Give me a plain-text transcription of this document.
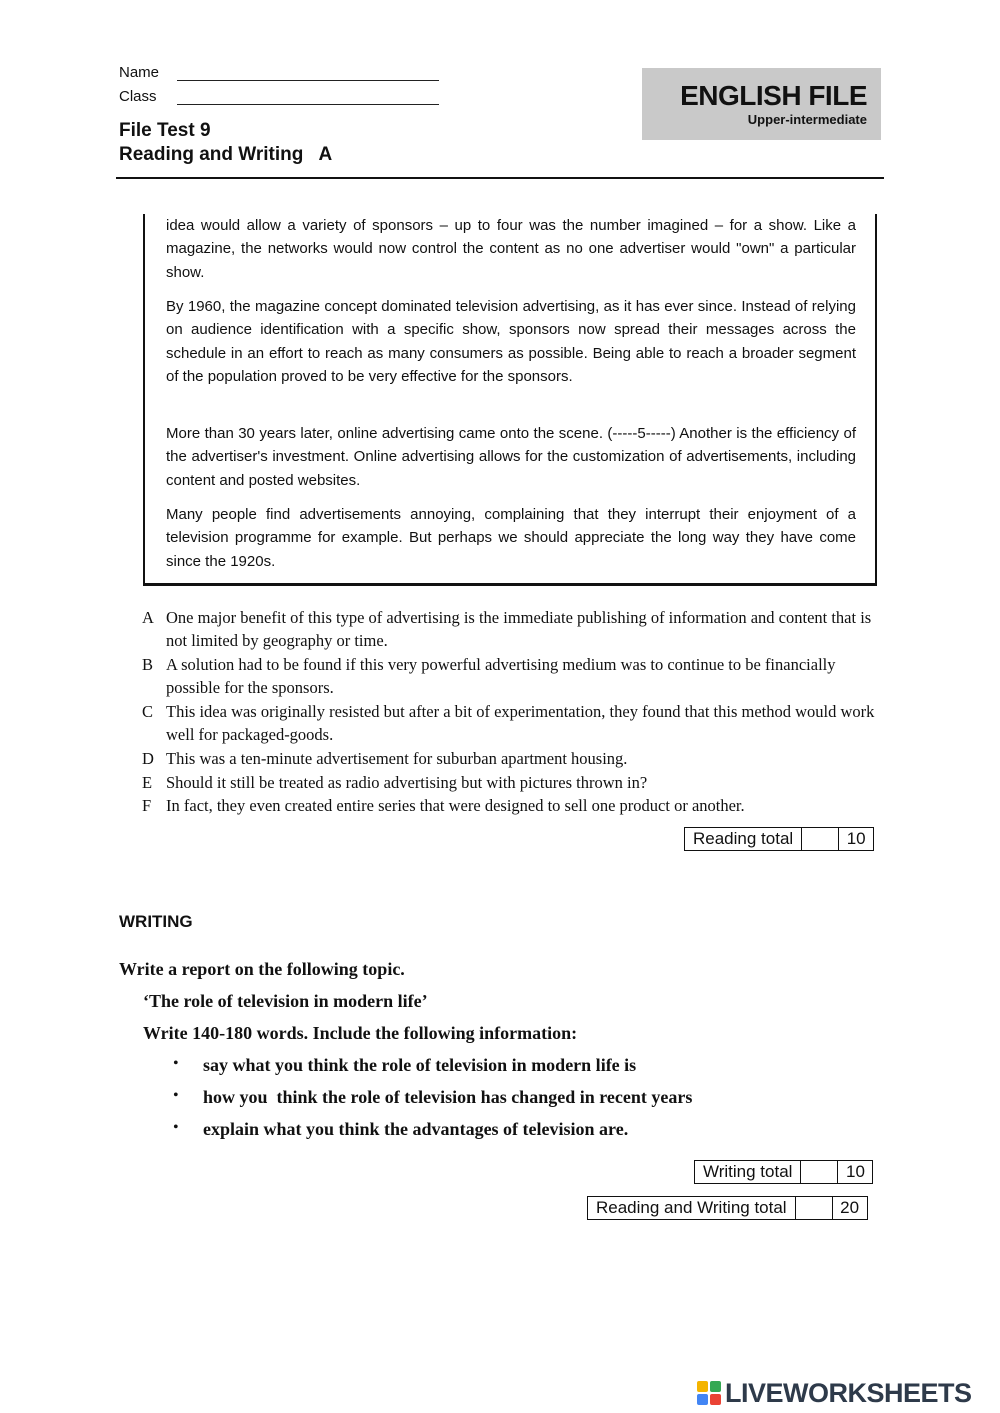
Name
Class
File Test 9
Reading and Writing   A
ENGLISH FILE
Upper-intermediate
idea would allow a variety of sponsors – up to four was the number imagined – for a show. Like a magazine, the networks would now control the content as no one advertiser would "own" a particular show.
By 1960, the magazine concept dominated television advertising, as it has ever since. Instead of relying on audience identification with a specific show, sponsors now spread their messages across the schedule in an effort to reach as many consumers as possible. Being able to reach a broader segment of the population proved to be very effective for the sponsors.
More than 30 years later, online advertising came onto the scene. (-----5-----) Another is the efficiency of the advertiser's investment. Online advertising allows for the customization of advertisements, including content and posted websites.
Many people find advertisements annoying, complaining that they interrupt their enjoyment of a television programme for example. But perhaps we should appreciate the long way they have come since the 1920s.
A One major benefit of this type of advertising is the immediate publishing of information and content that is not limited by geography or time.
B A solution had to be found if this very powerful advertising medium was to continue to be financially possible for the sponsors.
C This idea was originally resisted but after a bit of experimentation, they found that this method would work well for packaged-goods.
D This was a ten-minute advertisement for suburban apartment housing.
E Should it still be treated as radio advertising but with pictures thrown in?
F In fact, they even created entire series that were designed to sell one product or another.
Reading total	10
WRITING
Write a report on the following topic.
‘The role of television in modern life’
Write 140-180 words. Include the following information:
• say what you think the role of television in modern life is
• how you  think the role of television has changed in recent years
• explain what you think the advantages of television are.
Writing total	10
Reading and Writing total	20
LIVEWORKSHEETS
